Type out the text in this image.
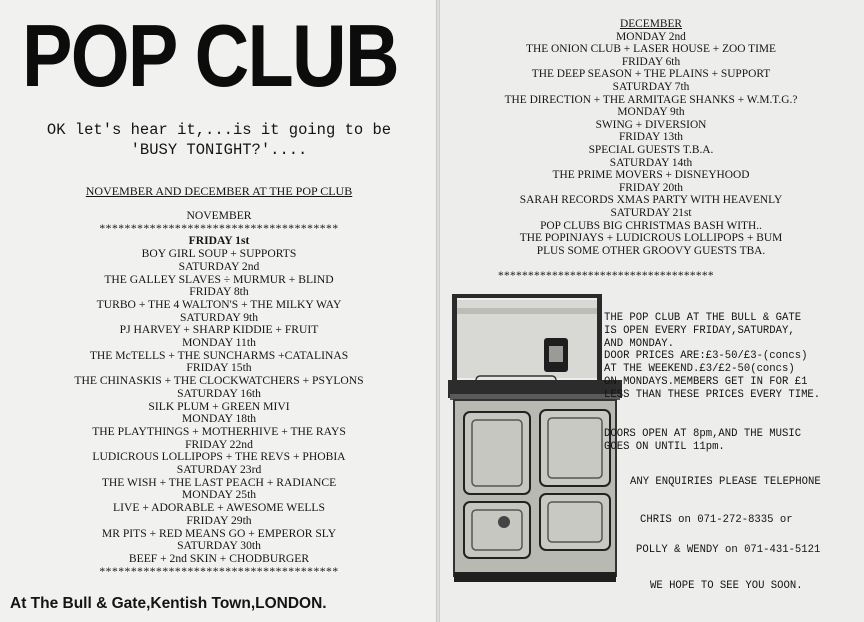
POP CLUB
OK let's hear it,...is it going to be
'BUSY TONIGHT?'....
NOVEMBER AND DECEMBER AT THE POP CLUB
NOVEMBER
**************************************
FRIDAY 1st
BOY GIRL SOUP + SUPPORTS
SATURDAY 2nd
THE GALLEY SLAVES ÷ MURMUR + BLIND
FRIDAY 8th
TURBO + THE 4 WALTON'S + THE MILKY WAY
SATURDAY 9th
PJ HARVEY + SHARP KIDDIE + FRUIT
MONDAY 11th
THE McTELLS + THE SUNCHARMS +CATALINAS
FRIDAY 15th
THE CHINASKIS + THE CLOCKWATCHERS + PSYLONS
SATURDAY 16th
SILK PLUM + GREEN MIVI
MONDAY 18th
THE PLAYTHINGS + MOTHERHIVE + THE RAYS
FRIDAY 22nd
LUDICROUS LOLLIPOPS + THE REVS + PHOBIA
SATURDAY 23rd
THE WISH + THE LAST PEACH + RADIANCE
MONDAY 25th
LIVE + ADORABLE + AWESOME WELLS
FRIDAY 29th
MR PITS + RED MEANS GO + EMPEROR SLY
SATURDAY 30th
BEEF + 2nd SKIN + CHODBURGER
**************************************
At The Bull & Gate,Kentish Town,LONDON.
DECEMBER
MONDAY 2nd
THE ONION CLUB + LASER HOUSE + ZOO TIME
FRIDAY 6th
THE DEEP SEASON + THE PLAINS + SUPPORT
SATURDAY 7th
THE DIRECTION + THE ARMITAGE SHANKS + W.M.T.G.?
MONDAY 9th
SWING + DIVERSION
FRIDAY 13th
SPECIAL GUESTS T.B.A.
SATURDAY 14th
THE PRIME MOVERS + DISNEYHOOD
FRIDAY 20th
SARAH RECORDS XMAS PARTY WITH HEAVENLY
SATURDAY 21st
POP CLUBS BIG CHRISTMAS BASH WITH..
THE POPINJAYS + LUDICROUS LOLLIPOPS + BUM
PLUS SOME OTHER GROOVY GUESTS TBA.
************************************
THE POP CLUB AT THE BULL & GATE
IS OPEN EVERY FRIDAY,SATURDAY,
AND MONDAY.
DOOR PRICES ARE:£3-50/£3-(concs)
AT THE WEEKEND.£3/£2-50(concs)
ON MONDAYS.MEMBERS GET IN FOR £1
LESS THAN THESE PRICES EVERY TIME.
DOORS OPEN AT 8pm,AND THE MUSIC
GOES ON UNTIL 11pm.
ANY ENQUIRIES PLEASE TELEPHONE
CHRIS on 071-272-8335 or
POLLY & WENDY on 071-431-5121
WE HOPE TO SEE YOU SOON.
